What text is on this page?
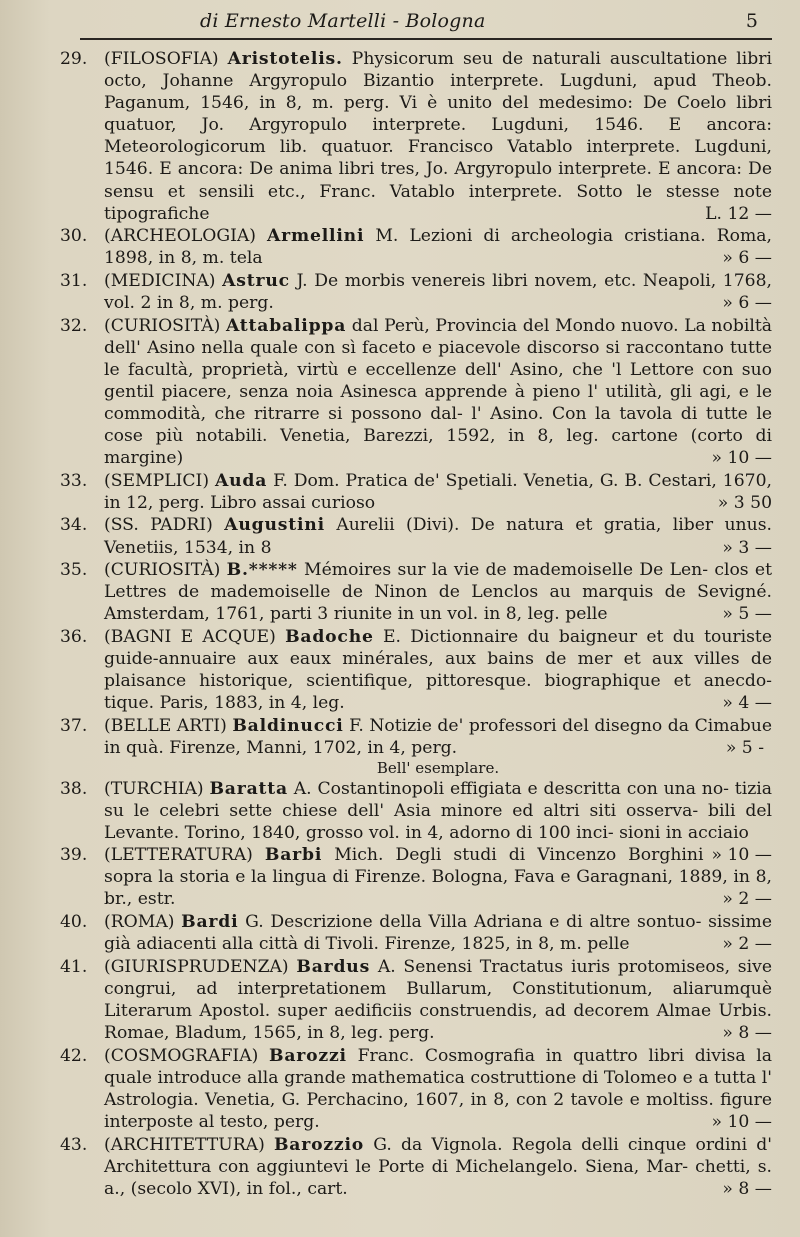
di Ernesto Martelli - Bologna	5
29. (FILOSOFIA) Aristotelis. Physicorum seu de naturali auscultatione libri octo, Johanne Argyropulo Bizantio interprete. Lugduni, apud Theob. Paganum, 1546, in 8, m. perg. Vi è unito del medesimo: De Coelo libri quatuor, Jo. Argyropulo interprete. Lugduni, 1546. E ancora: Meteorologicorum lib. quatuor. Francisco Vatablo interprete. Lugduni, 1546. E ancora: De anima libri tres, Jo. Argyropulo interprete. E ancora: De sensu et sensili etc., Franc. Vatablo interprete. Sotto le stesse note tipografiche	L. 12 —
30. (ARCHEOLOGIA) Armellini M. Lezioni di archeologia cristiana. Roma, 1898, in 8, m. tela	» 6 —
31. (MEDICINA) Astruc J. De morbis venereis libri novem, etc. Neapoli, 1768, vol. 2 in 8, m. perg.	» 6 —
32. (CURIOSITÀ) Attabalippa dal Perù, Provincia del Mondo nuovo. La nobiltà dell' Asino nella quale con sì faceto e piacevole discorso si raccontano tutte le facultà, proprietà, virtù e eccellenze dell' Asino, che 'l Lettore con suo gentil piacere, senza noia Asinesca apprende à pieno l' utilità, gli agi, e le commodità, che ritrarre si possono dal- l' Asino. Con la tavola di tutte le cose più notabili. Venetia, Barezzi, 1592, in 8, leg. cartone (corto di margine)	» 10 —
33. (SEMPLICI) Auda F. Dom. Pratica de' Spetiali. Venetia, G. B. Cestari, 1670, in 12, perg. Libro assai curioso	» 3 50
34. (SS. PADRI) Augustini Aurelii (Divi). De natura et gratia, liber unus. Venetiis, 1534, in 8	» 3 —
35. (CURIOSITÀ) B.***** Mémoires sur la vie de mademoiselle De Len- clos et Lettres de mademoiselle de Ninon de Lenclos au marquis de Sevigné. Amsterdam, 1761, parti 3 riunite in un vol. in 8, leg. pelle	» 5 —
36. (BAGNI E ACQUE) Badoche E. Dictionnaire du baigneur et du touriste guide-annuaire aux eaux minérales, aux bains de mer et aux villes de plaisance historique, scientifique, pittoresque. biographique et anecdo- tique. Paris, 1883, in 4, leg.	» 4 —
37. (BELLE ARTI) Baldinucci F. Notizie de' professori del disegno da Cimabue in quà. Firenze, Manni, 1702, in 4, perg.	» 5 -
Bell' esemplare.
38. (TURCHIA) Baratta A. Costantinopoli effigiata e descritta con una no- tizia su le celebri sette chiese dell' Asia minore ed altri siti osserva- bili del Levante. Torino, 1840, grosso vol. in 4, adorno di 100 inci- sioni in acciaio
» 10 —
39. (LETTERATURA) Barbi Mich. Degli studi di Vincenzo Borghini sopra la storia e la lingua di Firenze. Bologna, Fava e Garagnani, 1889, in 8, br., estr.	» 2 —
40. (ROMA) Bardi G. Descrizione della Villa Adriana e di altre sontuo- sissime già adiacenti alla città di Tivoli. Firenze, 1825, in 8, m. pelle	» 2 —
41. (GIURISPRUDENZA) Bardus A. Senensi Tractatus iuris protomiseos, sive congrui, ad interpretationem Bullarum, Constitutionum, aliarumquè Literarum Apostol. super aedificiis construendis, ad decorem Almae Urbis. Romae, Bladum, 1565, in 8, leg. perg.	» 8 —
42. (COSMOGRAFIA) Barozzi Franc. Cosmografia in quattro libri divisa la quale introduce alla grande mathematica costruttione di Tolomeo e a tutta l' Astrologia. Venetia, G. Perchacino, 1607, in 8, con 2 tavole e moltiss. figure interposte al testo, perg.	» 10 —
43. (ARCHITETTURA) Barozzio G. da Vignola. Regola delli cinque ordini d' Architettura con aggiuntevi le Porte di Michelangelo. Siena, Mar- chetti, s. a., (secolo XVI), in fol., cart.	» 8 —
